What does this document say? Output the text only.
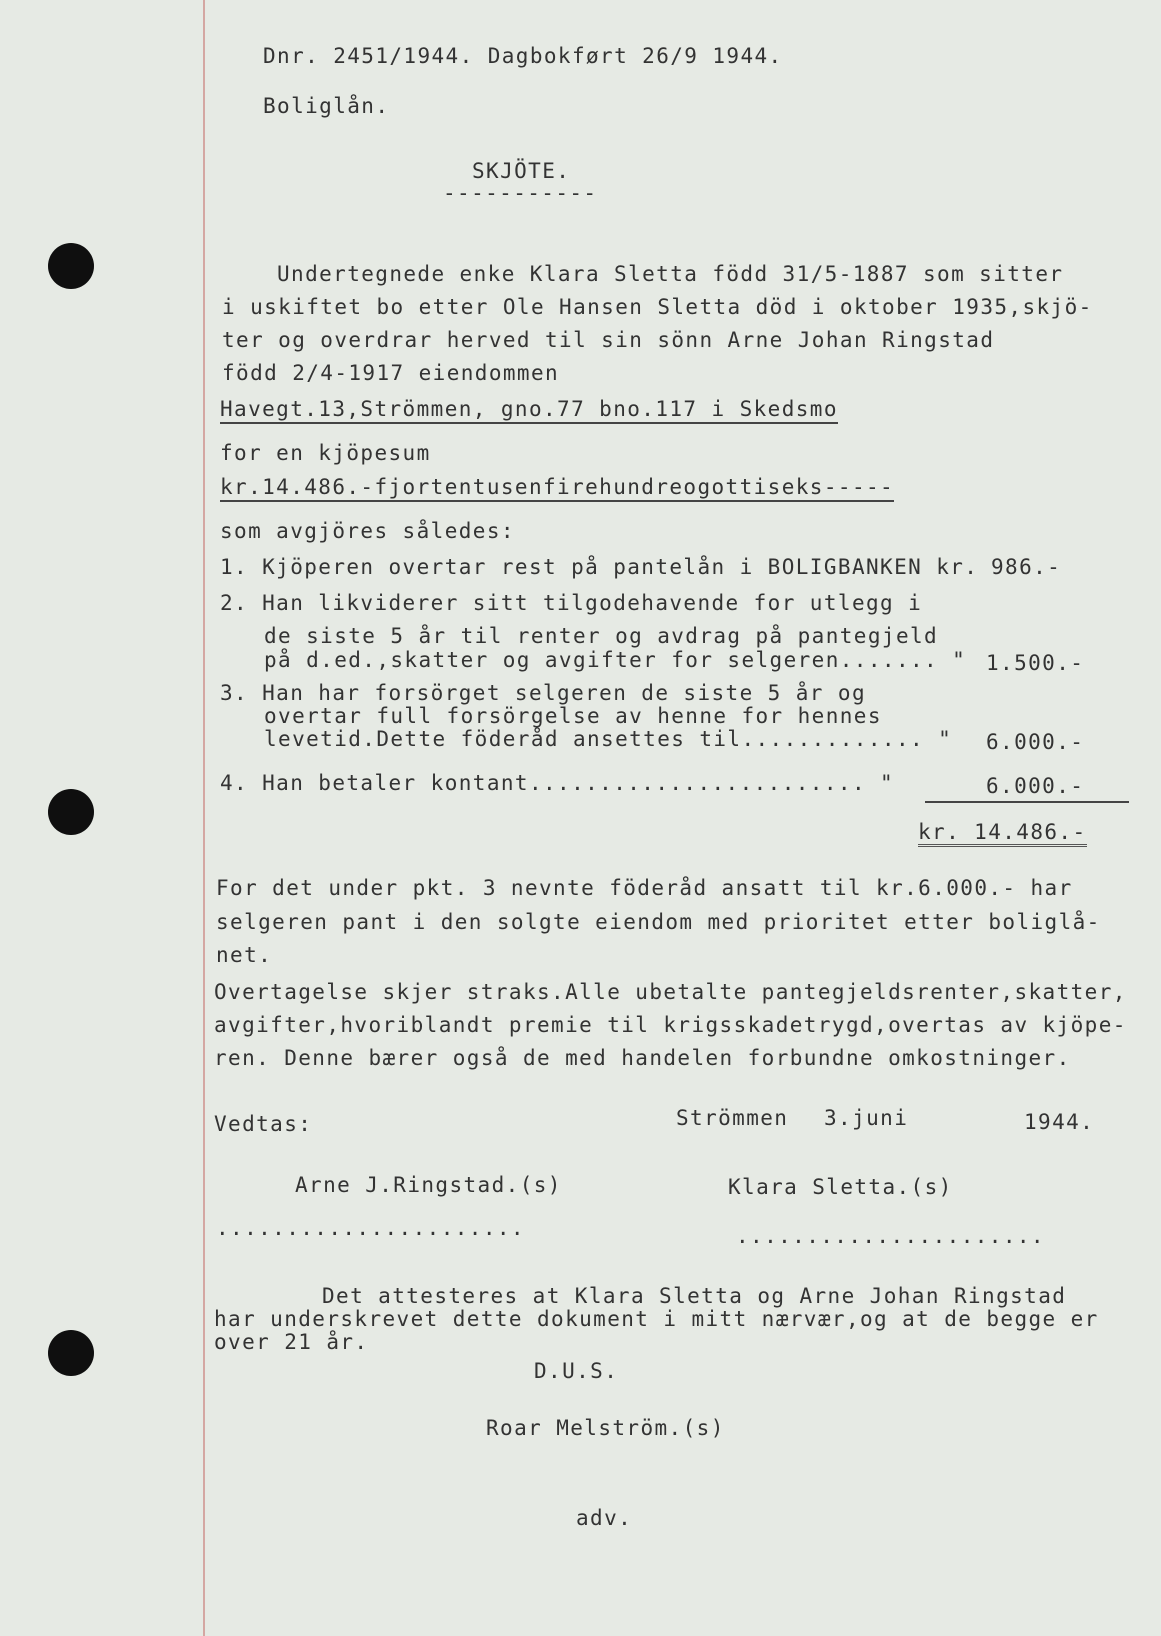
Dnr. 2451/1944. Dagbokført 26/9 1944.
Boliglån.
SKJÖTE.
-----------
Undertegnede enke Klara Sletta född 31/5-1887 som sitter
i uskiftet bo etter Ole Hansen Sletta död i oktober 1935,skjö-
ter og overdrar herved til sin sönn Arne Johan Ringstad
född 2/4-1917 eiendommen
Havegt.13,Strömmen, gno.77 bno.117 i Skedsmo
for en kjöpesum
kr.14.486.-fjortentusenfirehundreogottiseks-----
som avgjöres således:
1. Kjöperen overtar rest på pantelån i BOLIGBANKEN kr. 986.-
2. Han likviderer sitt tilgodehavende for utlegg i
de siste 5 år til renter og avdrag på pantegjeld
på d.ed.,skatter og avgifter for selgeren....... " 1.500.-
3. Han har forsörget selgeren de siste 5 år og
overtar full forsörgelse av henne for hennes
levetid.Dette föderåd ansettes til............. " 6.000.-
4. Han betaler kontant........................ "	6.000.-
kr. 14.486.-
For det under pkt. 3 nevnte föderåd ansatt til kr.6.000.- har
selgeren pant i den solgte eiendom med prioritet etter boliglå-
net.
Overtagelse skjer straks.Alle ubetalte pantegjeldsrenter,skatter,
avgifter,hvoriblandt premie til krigsskadetrygd,overtas av kjöpe-
ren. Denne bærer også de med handelen forbundne omkostninger.
Vedtas:	Strömmen 3.juni	1944.
Arne J.Ringstad.(s)	Klara Sletta.(s)
......................	......................
Det attesteres at Klara Sletta og Arne Johan Ringstad
har underskrevet dette dokument i mitt nærvær,og at de begge er
over 21 år.
D.U.S.
Roar Melström.(s)
adv.
